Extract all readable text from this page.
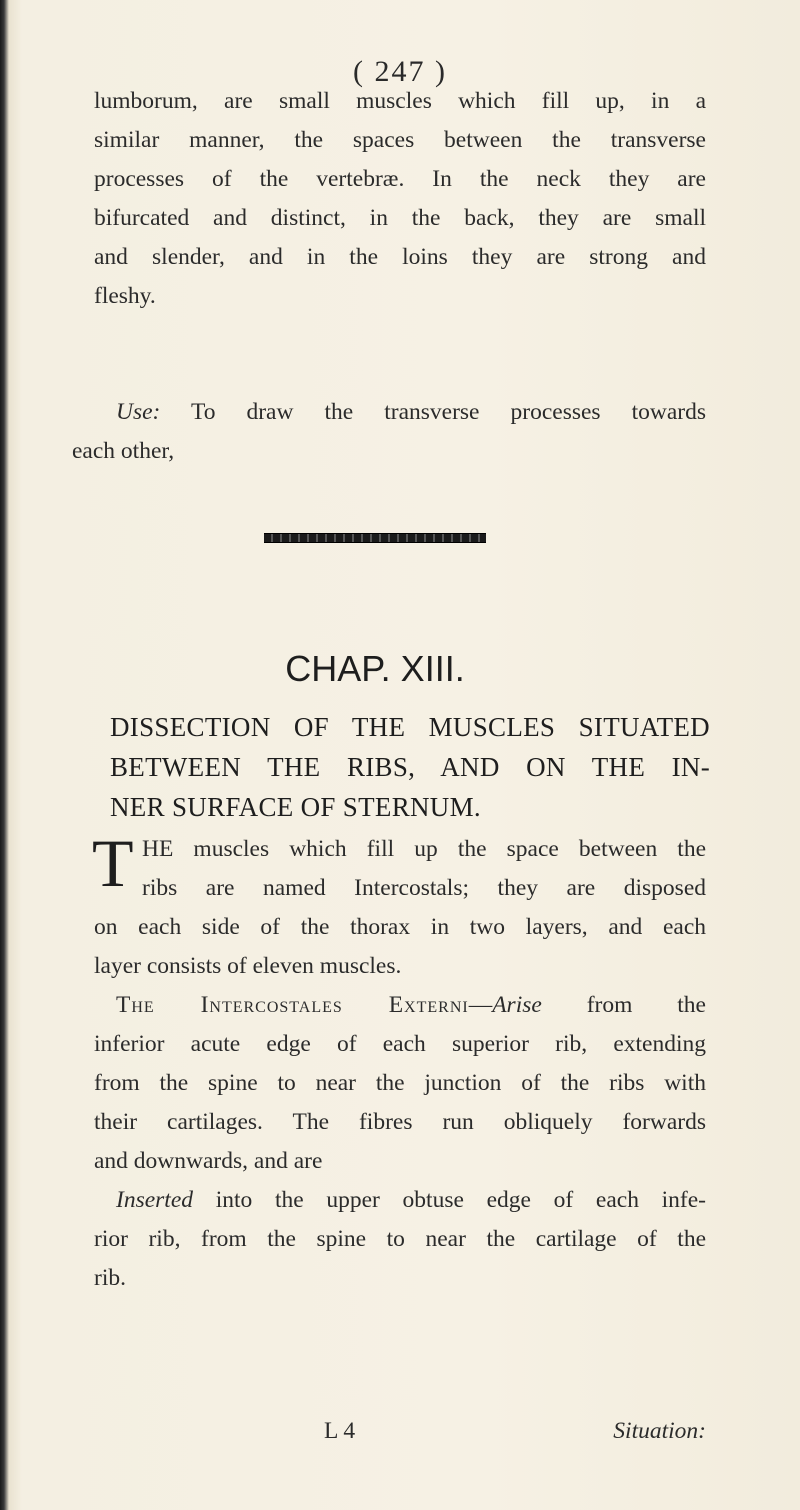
( 247 )
lumborum, are small muscles which fill up, in a
similar manner, the spaces between the transverse
processes of the vertebræ. In the neck they are
bifurcated and distinct, in the back, they are small
and slender, and in the loins they are strong and
fleshy.
Use: To draw the transverse processes towards
each other,
CHAP. XIII.

DISSECTION OF THE MUSCLES SITUATED

BETWEEN THE RIBS, AND ON THE IN-

NER SURFACE OF STERNUM.

T HE muscles which fill up the space between the
ribs are named Intercostals; they are disposed
on each side of the thorax in two layers, and each
layer consists of eleven muscles.
The Intercostales Externi—Arise from the
inferior acute edge of each superior rib, extending
from the spine to near the junction of the ribs with
their cartilages. The fibres run obliquely forwards
and downwards, and are
Inserted into the upper obtuse edge of each infe-
rior rib, from the spine to near the cartilage of the
rib.
L 4	Situation:
